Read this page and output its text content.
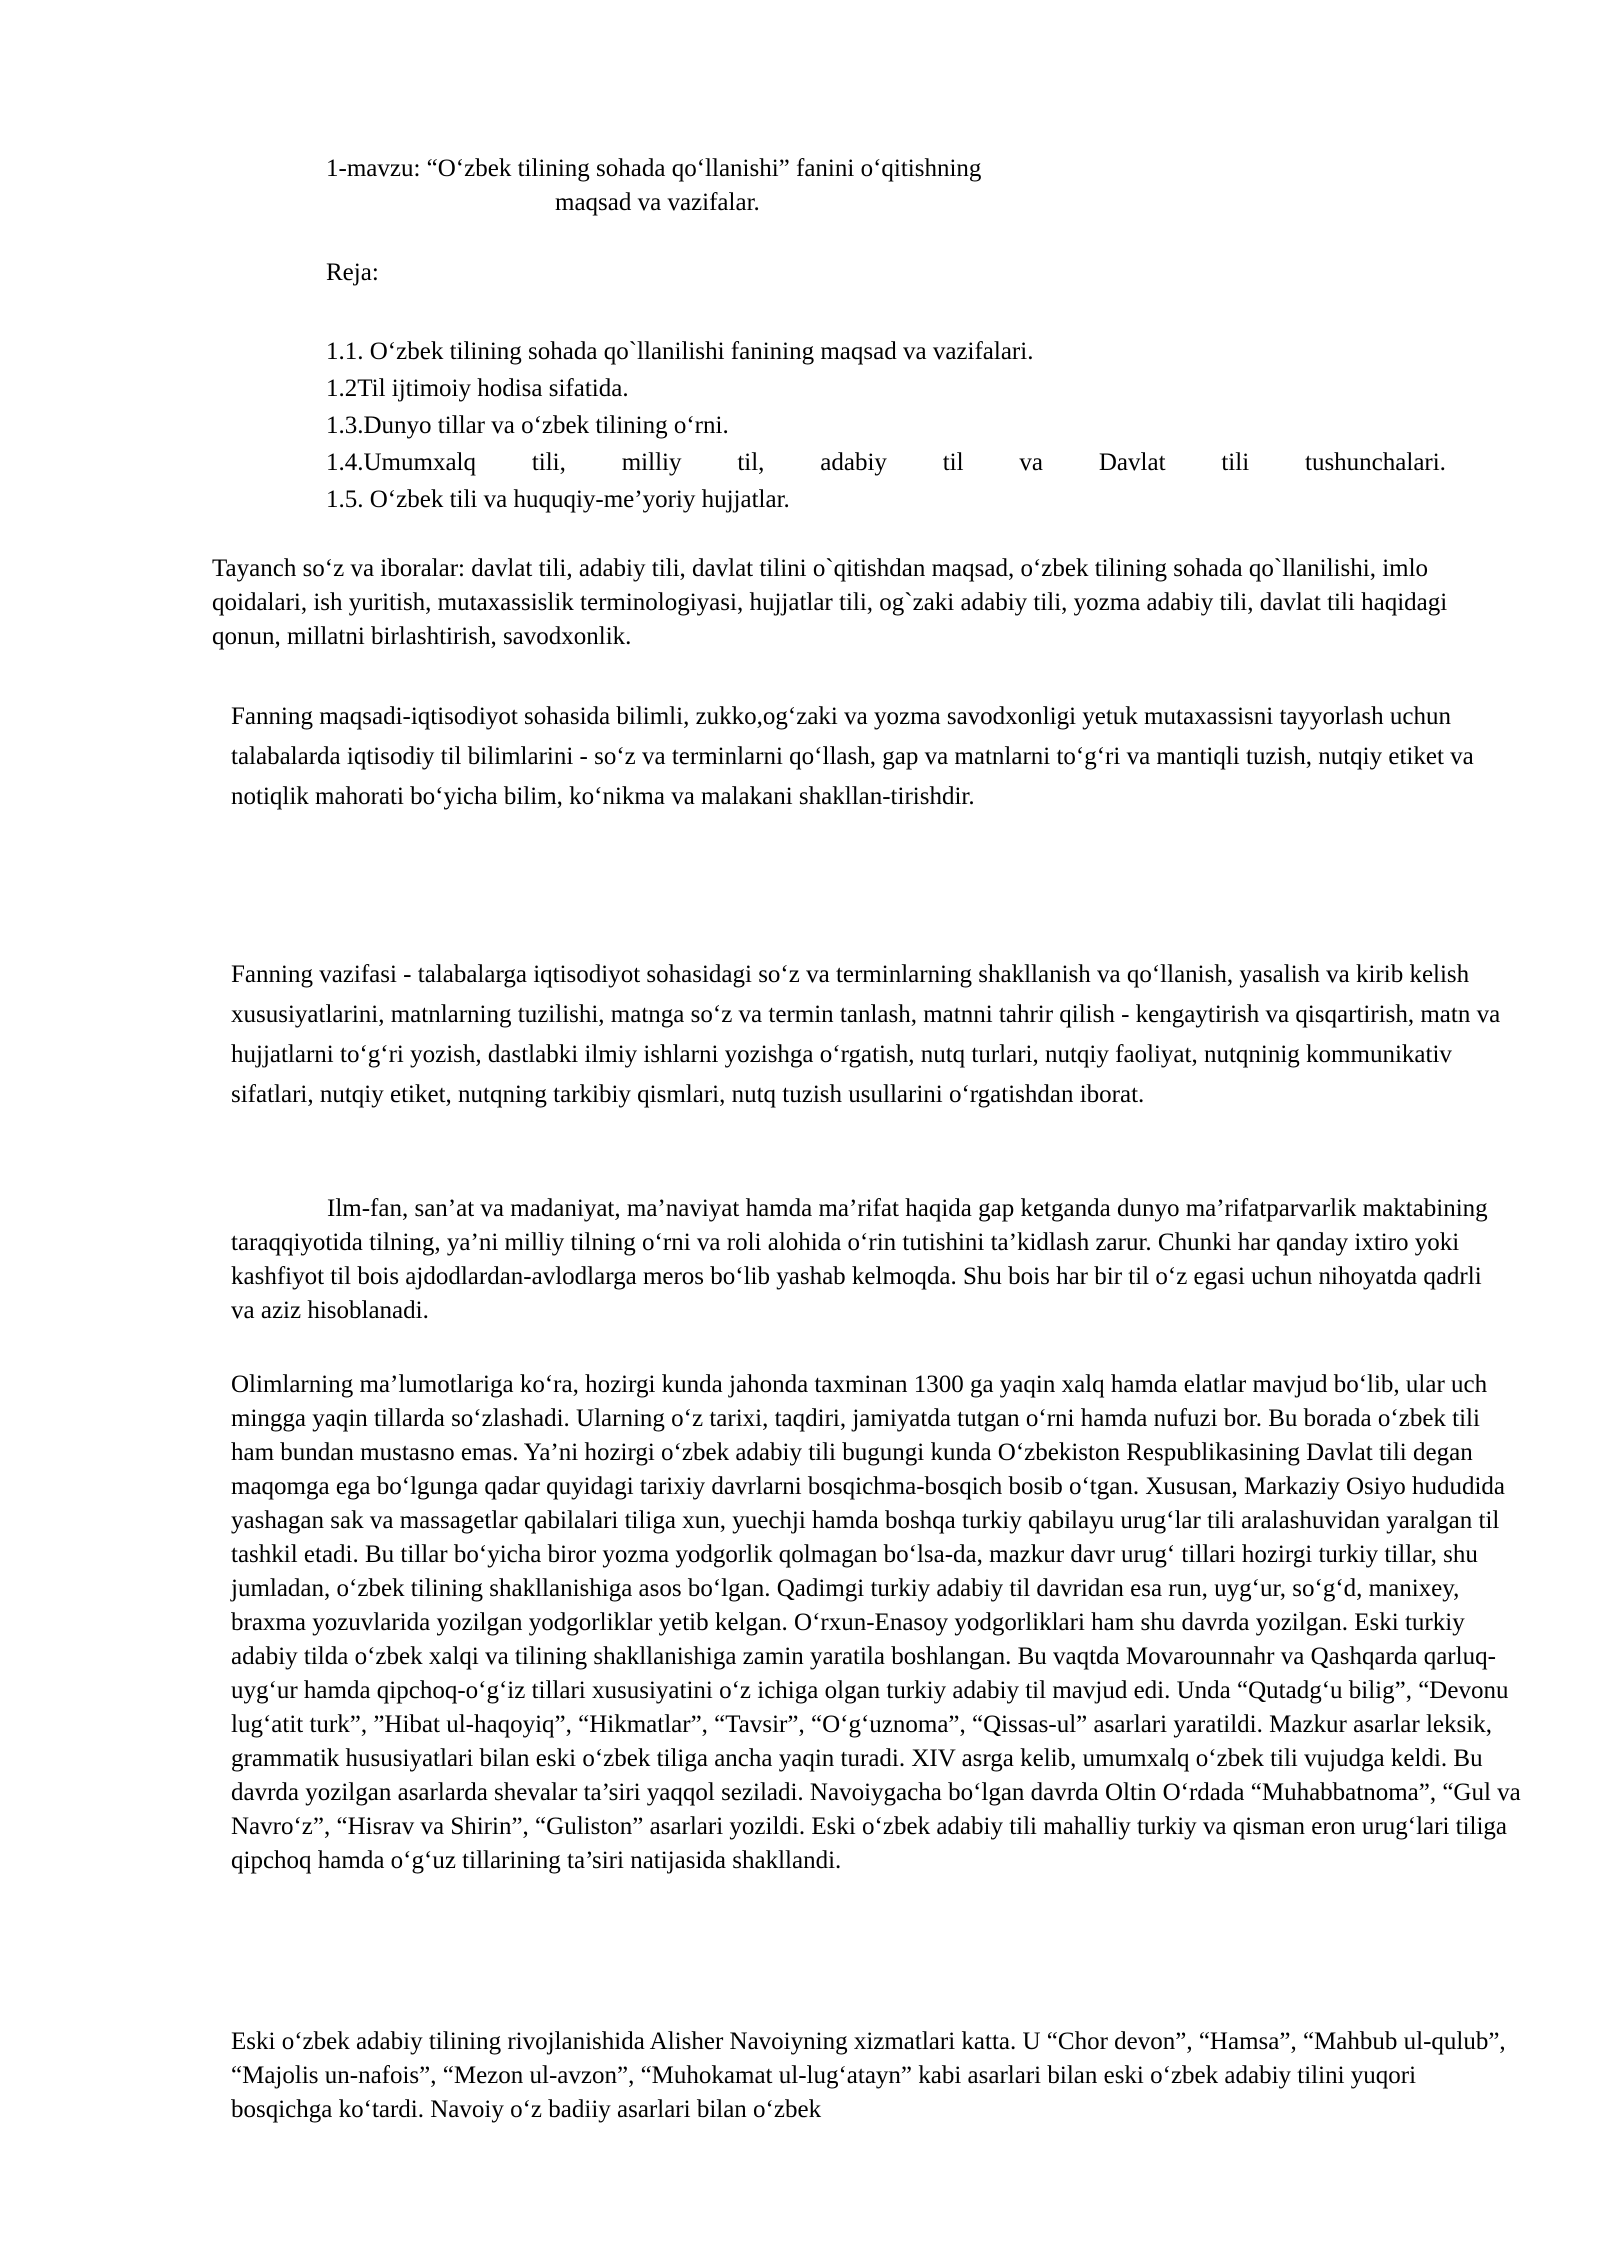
1-mavzu: “O‘zbek tilining sohada qo‘llanishi” fanini o‘qitishning
maqsad va vazifalar.

Reja:

1.1. O‘zbek tilining sohada qo`llanilishi fanining maqsad va vazifalari.
1.2Til ijtimoiy hodisa sifatida.
1.3.Dunyo tillar va o‘zbek tilining o‘rni.
1.4.Umumxalq tili, milliy til, adabiy til va Davlat tili tushunchalari.
1.5. O‘zbek tili va huquqiy-me’yoriy hujjatlar.

Tayanch so‘z va iboralar: davlat tili, adabiy tili, davlat tilini o`qitishdan maqsad, o‘zbek tilining sohada qo`llanilishi, imlo qoidalari, ish yuritish, mutaxassislik terminologiyasi, hujjatlar tili, og`zaki adabiy tili, yozma adabiy tili, davlat tili haqidagi qonun, millatni birlashtirish, savodxonlik.

Fanning maqsadi-iqtisodiyot sohasida bilimli, zukko,og‘zaki va yozma savodxonligi yetuk mutaxassisni tayyorlash uchun talabalarda iqtisodiy til bilimlarini - so‘z va terminlarni qo‘llash, gap va matnlarni to‘g‘ri va mantiqli tuzish, nutqiy etiket va notiqlik mahorati bo‘yicha bilim, ko‘nikma va malakani shakllan-tirishdir.

Fanning vazifasi - talabalarga iqtisodiyot sohasidagi so‘z va terminlarning shakllanish va qo‘llanish, yasalish va kirib kelish xususiyatlarini, matnlarning tuzilishi, matnga so‘z va termin tanlash, matnni tahrir qilish - kengaytirish va qisqartirish, matn va hujjatlarni to‘g‘ri yozish, dastlabki ilmiy ishlarni yozishga o‘rgatish, nutq turlari, nutqiy faoliyat, nutqninig kommunikativ sifatlari, nutqiy etiket, nutqning tarkibiy qismlari, nutq tuzish usullarini o‘rgatishdan iborat.

Ilm-fan, san’at va madaniyat, ma’naviyat hamda ma’rifat haqida gap ketganda dunyo ma’rifatparvarlik maktabining taraqqiyotida tilning, ya’ni milliy tilning o‘rni va roli alohida o‘rin tutishini ta’kidlash zarur. Chunki har qanday ixtiro yoki kashfiyot til bois ajdodlardan-avlodlarga meros bo‘lib yashab kelmoqda. Shu bois har bir til o‘z egasi uchun nihoyatda qadrli va aziz hisoblanadi.

Olimlarning ma’lumotlariga ko‘ra, hozirgi kunda jahonda taxminan 1300 ga yaqin xalq hamda elatlar mavjud bo‘lib, ular uch mingga yaqin tillarda so‘zlashadi. Ularning o‘z tarixi, taqdiri, jamiyatda tutgan o‘rni hamda nufuzi bor. Bu borada o‘zbek tili ham bundan mustasno emas. Ya’ni hozirgi o‘zbek adabiy tili bugungi kunda O‘zbekiston Respublikasining Davlat tili degan maqomga ega bo‘lgunga qadar quyidagi tarixiy davrlarni bosqichma-bosqich bosib o‘tgan. Xususan, Markaziy Osiyo hududida yashagan sak va massagetlar qabilalari tiliga xun, yuechji hamda boshqa turkiy qabilayu urug‘lar tili aralashuvidan yaralgan til tashkil etadi. Bu tillar bo‘yicha biror yozma yodgorlik qolmagan bo‘lsa-da, mazkur davr urug‘ tillari hozirgi turkiy tillar, shu jumladan, o‘zbek tilining shakllanishiga asos bo‘lgan. Qadimgi turkiy adabiy til davridan esa run, uyg‘ur, so‘g‘d, manixey, braxma yozuvlarida yozilgan yodgorliklar yetib kelgan. O‘rxun-Enasoy yodgorliklari ham shu davrda yozilgan. Eski turkiy adabiy tilda o‘zbek xalqi va tilining shakllanishiga zamin yaratila boshlangan. Bu vaqtda Movarounnahr va Qashqarda qarluq-uyg‘ur hamda qipchoq-o‘g‘iz tillari xususiyatini o‘z ichiga olgan turkiy adabiy til mavjud edi. Unda “Qutadg‘u bilig”, “Devonu lug‘atit turk”, ”Hibat ul-haqoyiq”, “Hikmatlar”, “Tavsir”, “O‘g‘uznoma”, “Qissas-ul” asarlari yaratildi. Mazkur asarlar leksik, grammatik hususiyatlari bilan eski o‘zbek tiliga ancha yaqin turadi. XIV asrga kelib, umumxalq o‘zbek tili vujudga keldi. Bu davrda yozilgan asarlarda shevalar ta’siri yaqqol seziladi. Navoiygacha bo‘lgan davrda Oltin O‘rdada “Muhabbatnoma”, “Gul va Navro‘z”, “Hisrav va Shirin”, “Guliston” asarlari yozildi. Eski o‘zbek adabiy tili mahalliy turkiy va qisman eron urug‘lari tiliga qipchoq hamda o‘g‘uz tillarining ta’siri natijasida shakllandi.

Eski o‘zbek adabiy tilining rivojlanishida Alisher Navoiyning xizmatlari katta. U “Chor devon”, “Hamsa”, “Mahbub ul-qulub”, “Majolis un-nafois”, “Mezon ul-avzon”, “Muhokamat ul-lug‘atayn” kabi asarlari bilan eski o‘zbek adabiy tilini yuqori bosqichga ko‘tardi. Navoiy o‘z badiiy asarlari bilan o‘zbek
